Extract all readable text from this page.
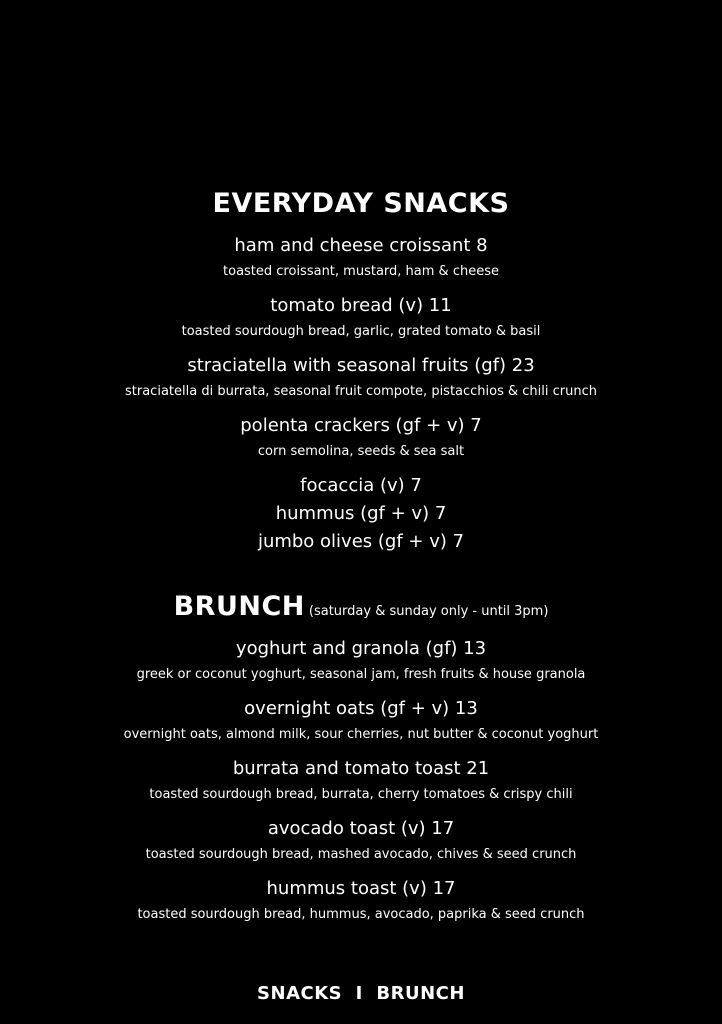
EVERYDAY SNACKS
ham and cheese croissant 8
toasted croissant, mustard, ham & cheese
tomato bread (v) 11
toasted sourdough bread, garlic, grated tomato & basil
straciatella with seasonal fruits (gf) 23
straciatella di burrata, seasonal fruit compote, pistacchios & chili crunch
polenta crackers (gf + v) 7
corn semolina, seeds & sea salt
focaccia (v) 7
hummus (gf + v) 7
jumbo olives (gf + v) 7
BRUNCH (saturday & sunday only - until 3pm)
yoghurt and granola (gf) 13
greek or coconut yoghurt, seasonal jam, fresh fruits & house granola
overnight oats (gf + v) 13
overnight oats, almond milk, sour cherries, nut butter & coconut yoghurt
burrata and tomato toast 21
toasted sourdough bread, burrata, cherry tomatoes & crispy chili
avocado toast (v) 17
toasted sourdough bread, mashed avocado, chives & seed crunch
hummus toast (v) 17
toasted sourdough bread, hummus, avocado, paprika & seed crunch
SNACKS  I  BRUNCH
